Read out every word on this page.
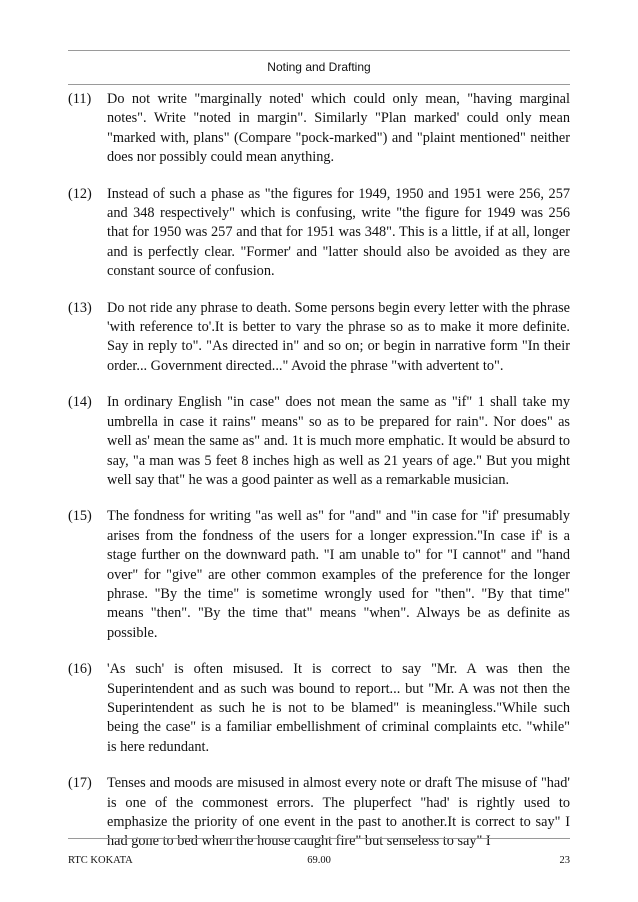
Noting and Drafting
(11)	Do not write "marginally noted' which could only mean, "having marginal notes". Write "noted in margin". Similarly "Plan marked' could only mean "marked with, plans" (Compare "pock-marked") and "plaint mentioned" neither does nor possibly could mean anything.
(12)	Instead of such a phase as "the figures for 1949, 1950 and 1951 were 256, 257 and 348 respectively" which is confusing, write "the figure for 1949 was 256 that for 1950 was 257 and that for 1951 was 348". This is a little, if at all, longer and is perfectly clear. "Former' and "latter should also be avoided as they are constant source of confusion.
(13)	Do not ride any phrase to death. Some persons begin every letter with the phrase 'with reference to'.It is better to vary the phrase so as to make it more definite. Say in reply to". "As directed in" and so on; or begin in narrative form "In their order... Government directed..." Avoid the phrase "with advertent to".
(14)	In ordinary English "in case" does not mean the same as "if" 1 shall take my umbrella in case it rains" means" so as to be prepared for rain". Nor does" as well as' mean the same as" and. 1t is much more emphatic. It would be absurd to say, "a man was 5 feet 8 inches high as well as 21 years of age." But you might well say that" he was a good painter as well as a remarkable musician.
(15)	The fondness for writing "as well as" for "and" and "in case for "if' presumably arises from the fondness of the users for a longer expression."In case if' is a stage further on the downward path. "I am unable to" for "I cannot" and "hand over" for "give" are other common examples of the preference for the longer phrase. "By the time" is sometime wrongly used for "then". "By that time" means "then". "By the time that" means "when". Always be as definite as possible.
(16)	'As such' is often misused. It is correct to say "Mr. A was then the Superintendent and as such was bound to report... but "Mr. A was not then the Superintendent as such he is not to be blamed" is meaningless."While such being the case" is a familiar embellishment of criminal complaints etc. "while" is here redundant.
(17)	Tenses and moods are misused in almost every note or draft The misuse of "had' is one of the commonest errors. The pluperfect "had' is rightly used to emphasize the priority of one event in the past to another.It is correct to say" I had gone to bed when the house caught fire" but senseless to say" I
RTC KOKATA	69.00	23
